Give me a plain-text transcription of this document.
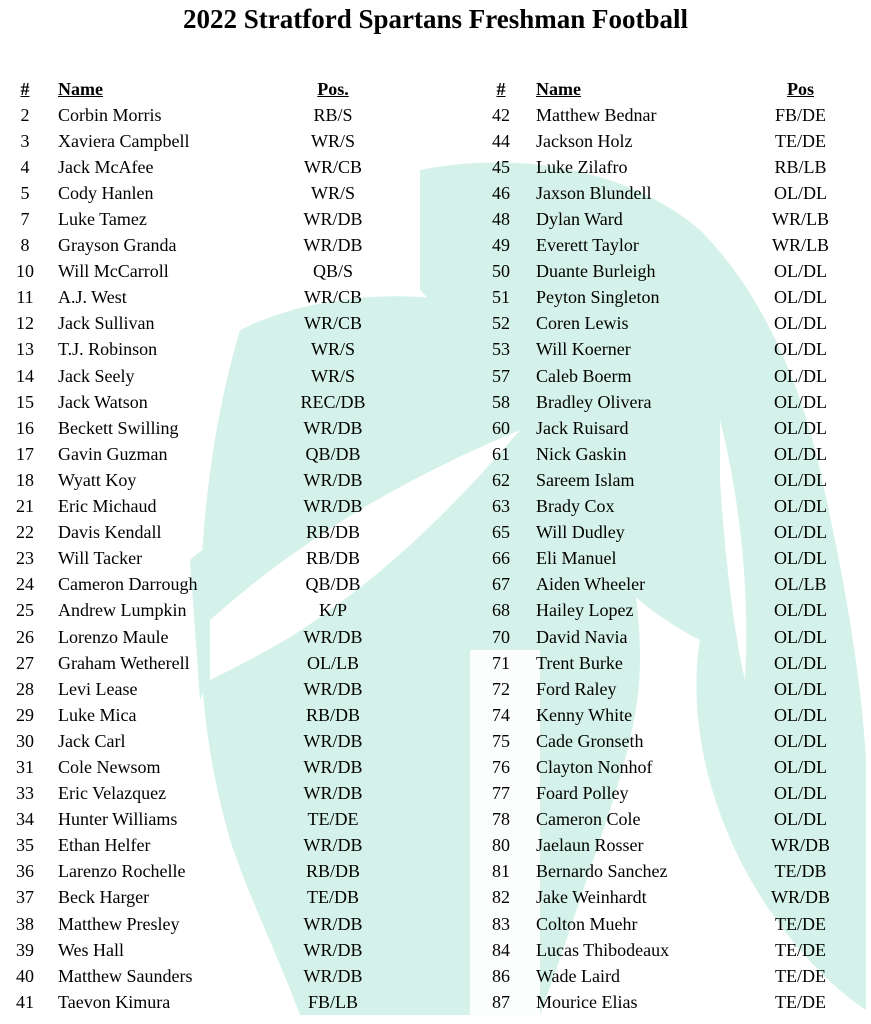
2022 Stratford Spartans Freshman Football
#	Name	Pos.
2	Corbin Morris	RB/S
3	Xaviera Campbell	WR/S
4	Jack McAfee	WR/CB
5	Cody Hanlen	WR/S
7	Luke Tamez	WR/DB
8	Grayson Granda	WR/DB
10	Will McCarroll	QB/S
11	A.J. West	WR/CB
12	Jack Sullivan	WR/CB
13	T.J. Robinson	WR/S
14	Jack Seely	WR/S
15	Jack Watson	REC/DB
16	Beckett Swilling	WR/DB
17	Gavin Guzman	QB/DB
18	Wyatt Koy	WR/DB
21	Eric Michaud	WR/DB
22	Davis Kendall	RB/DB
23	Will Tacker	RB/DB
24	Cameron Darrough	QB/DB
25	Andrew Lumpkin	K/P
26	Lorenzo Maule	WR/DB
27	Graham Wetherell	OL/LB
28	Levi Lease	WR/DB
29	Luke Mica	RB/DB
30	Jack Carl	WR/DB
31	Cole Newsom	WR/DB
33	Eric Velazquez	WR/DB
34	Hunter Williams	TE/DE
35	Ethan Helfer	WR/DB
36	Larenzo Rochelle	RB/DB
37	Beck Harger	TE/DB
38	Matthew Presley	WR/DB
39	Wes Hall	WR/DB
40	Matthew Saunders	WR/DB
41	Taevon Kimura	FB/LB
#	Name	Pos
42	Matthew Bednar	FB/DE
44	Jackson Holz	TE/DE
45	Luke Zilafro	RB/LB
46	Jaxson Blundell	OL/DL
48	Dylan Ward	WR/LB
49	Everett Taylor	WR/LB
50	Duante Burleigh	OL/DL
51	Peyton Singleton	OL/DL
52	Coren Lewis	OL/DL
53	Will Koerner	OL/DL
57	Caleb Boerm	OL/DL
58	Bradley Olivera	OL/DL
60	Jack Ruisard	OL/DL
61	Nick Gaskin	OL/DL
62	Sareem Islam	OL/DL
63	Brady Cox	OL/DL
65	Will Dudley	OL/DL
66	Eli Manuel	OL/DL
67	Aiden Wheeler	OL/LB
68	Hailey Lopez	OL/DL
70	David Navia	OL/DL
71	Trent Burke	OL/DL
72	Ford Raley	OL/DL
74	Kenny White	OL/DL
75	Cade Gronseth	OL/DL
76	Clayton Nonhof	OL/DL
77	Foard Polley	OL/DL
78	Cameron Cole	OL/DL
80	Jaelaun Rosser	WR/DB
81	Bernardo Sanchez	TE/DB
82	Jake Weinhardt	WR/DB
83	Colton Muehr	TE/DE
84	Lucas Thibodeaux	TE/DE
86	Wade Laird	TE/DE
87	Mourice Elias	TE/DE
